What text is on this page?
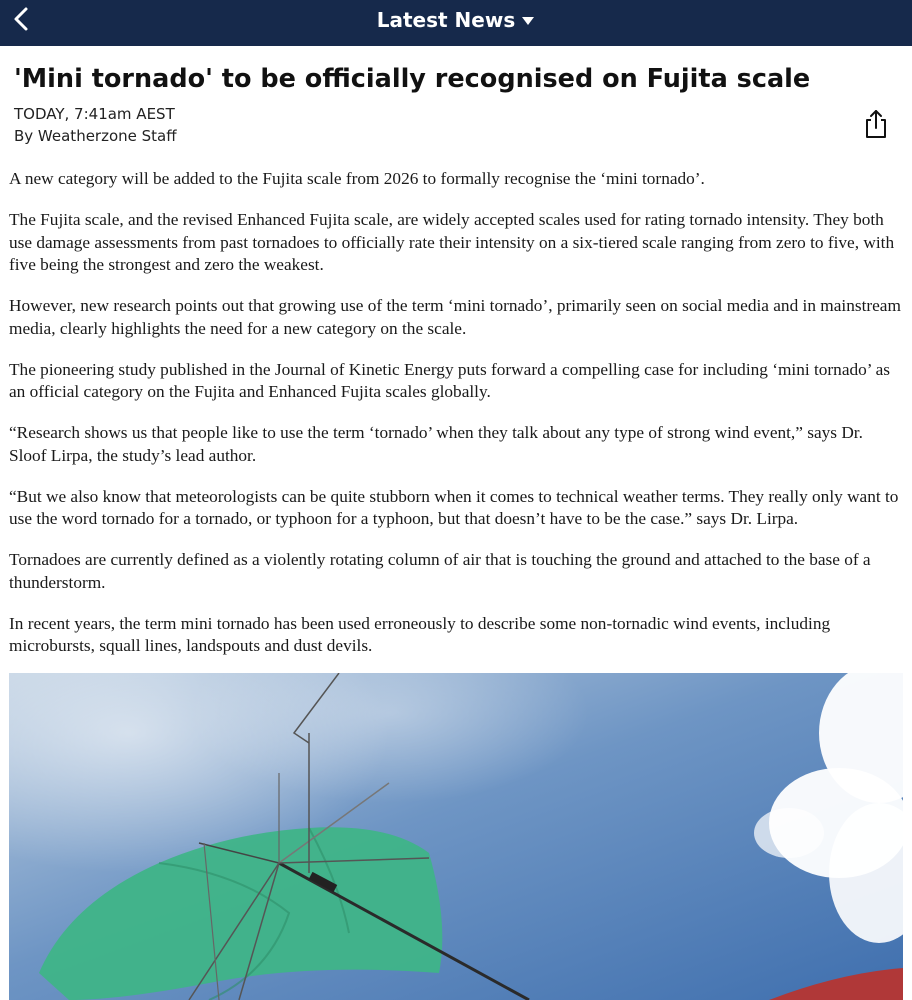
Latest News
'Mini tornado' to be officially recognised on Fujita scale
TODAY, 7:41am AEST
By Weatherzone Staff

A new category will be added to the Fujita scale from 2026 to formally recognise the ‘mini tornado’.

The Fujita scale, and the revised Enhanced Fujita scale, are widely accepted scales used for rating tornado intensity. They both use damage assessments from past tornadoes to officially rate their intensity on a six-tiered scale ranging from zero to five, with five being the strongest and zero the weakest.

However, new research points out that growing use of the term ‘mini tornado’, primarily seen on social media and in mainstream media, clearly highlights the need for a new category on the scale.

The pioneering study published in the Journal of Kinetic Energy puts forward a compelling case for including ‘mini tornado’ as an official category on the Fujita and Enhanced Fujita scales globally.

“Research shows us that people like to use the term ‘tornado’ when they talk about any type of strong wind event,” says Dr. Sloof Lirpa, the study’s lead author.

“But we also know that meteorologists can be quite stubborn when it comes to technical weather terms. They really only want to use the word tornado for a tornado, or typhoon for a typhoon, but that doesn’t have to be the case.” says Dr. Lirpa.

Tornadoes are currently defined as a violently rotating column of air that is touching the ground and attached to the base of a thunderstorm.

In recent years, the term mini tornado has been used erroneously to describe some non-tornadic wind events, including microbursts, squall lines, landspouts and dust devils.
